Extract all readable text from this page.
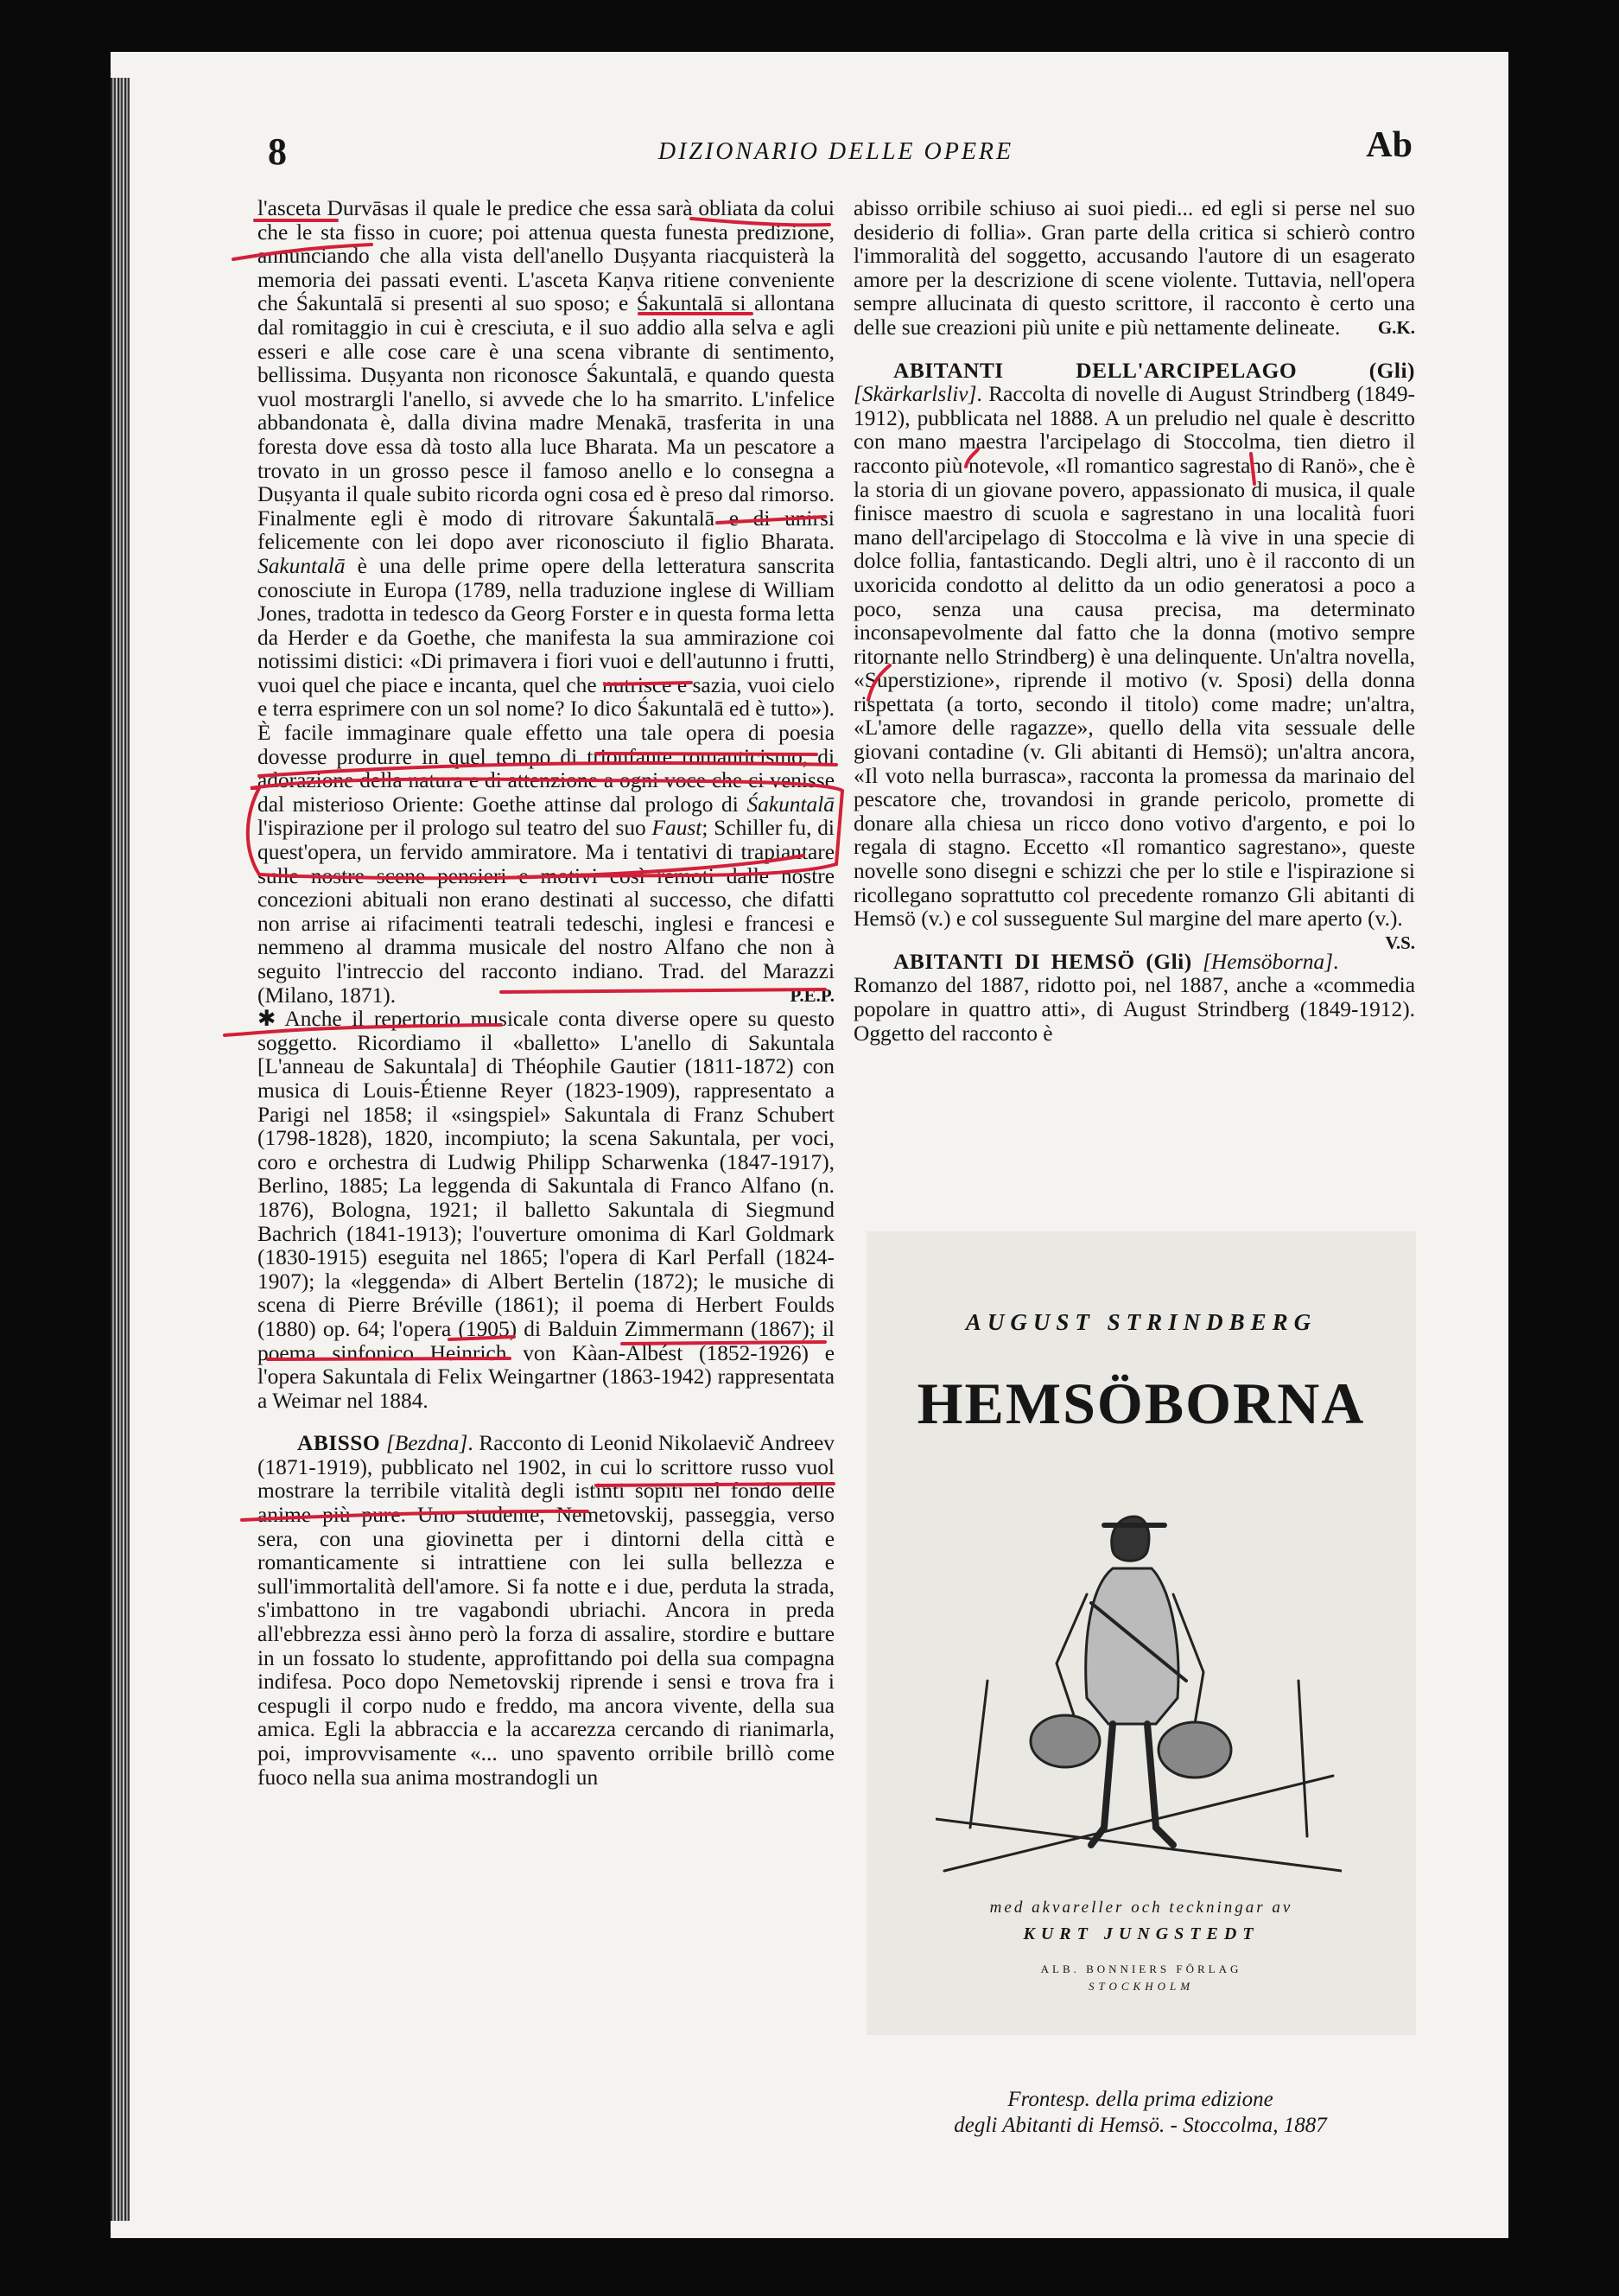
8	DIZIONARIO DELLE OPERE	Ab

l'asceta Durvāsas il quale le predice che essa sarà obliata da colui che le sta fisso in cuore; poi attenua questa funesta predizione, annunciando che alla vista dell'anello Duṣyanta riacquisterà la memoria dei passati eventi. L'asceta Kaṇva ritiene conveniente che Śakuntalā si presenti al suo sposo; e Śakuntalā si allontana dal romitaggio in cui è cresciuta, e il suo addio alla selva e agli esseri e alle cose care è una scena vibrante di sentimento, bellissima. Duṣyanta non riconosce Śakuntalā, e quando questa vuol mostrargli l'anello, si avvede che lo ha smarrito. L'infelice abbandonata è, dalla divina madre Menakā, trasferita in una foresta dove essa dà tosto alla luce Bharata. Ma un pescatore a trovato in un grosso pesce il famoso anello e lo consegna a Duṣyanta il quale subito ricorda ogni cosa ed è preso dal rimorso. Finalmente egli è modo di ritrovare Śakuntalā e di unirsi felicemente con lei dopo aver riconosciuto il figlio Bharata. Sakuntalā è una delle prime opere della letteratura sanscrita conosciute in Europa (1789, nella traduzione inglese di William Jones, tradotta in tedesco da Georg Forster e in questa forma letta da Herder e da Goethe, che manifesta la sua ammirazione coi notissimi distici: «Di primavera i fiori vuoi e dell'autunno i frutti, vuoi quel che piace e incanta, quel che nutrisce e sazia, vuoi cielo e terra esprimere con un sol nome? Io dico Śakuntalā ed è tutto»). È facile immaginare quale effetto una tale opera di poesia dovesse produrre in quel tempo di trionfante romanticismo, di adorazione della natura e di attenzione a ogni voce che ci venisse dal misterioso Oriente: Goethe attinse dal prologo di Śakuntalā l'ispirazione per il prologo sul teatro del suo Faust; Schiller fu, di quest'opera, un fervido ammiratore. Ma i tentativi di trapiantare sulle nostre scene pensieri e motivi così remoti dalle nostre concezioni abituali non erano destinati al successo, che difatti non arrise ai rifacimenti teatrali tedeschi, inglesi e francesi e nemmeno al dramma musicale del nostro Alfano che non à seguito l'intreccio del racconto indiano. Trad. del Marazzi (Milano, 1871).	P.E.P.

✱ Anche il repertorio musicale conta diverse opere su questo soggetto. Ricordiamo il «balletto» L'anello di Sakuntala [L'anneau de Sakuntala] di Théophile Gautier (1811-1872) con musica di Louis-Étienne Reyer (1823-1909), rappresentato a Parigi nel 1858; il «singspiel» Sakuntala di Franz Schubert (1798-1828), 1820, incompiuto; la scena Sakuntala, per voci, coro e orchestra di Ludwig Philipp Scharwenka (1847-1917), Berlino, 1885; La leggenda di Sakuntala di Franco Alfano (n. 1876), Bologna, 1921; il balletto Sakuntala di Siegmund Bachrich (1841-1913); l'ouverture omonima di Karl Goldmark (1830-1915) eseguita nel 1865; l'opera di Karl Perfall (1824-1907); la «leggenda» di Albert Bertelin (1872); le musiche di scena di Pierre Bréville (1861); il poema di Herbert Foulds (1880) op. 64; l'opera (1905) di Balduin Zimmermann (1867); il poema sinfonico Heinrich von Kàan-Albést (1852-1926) e l'opera Sakuntala di Felix Weingartner (1863-1942) rappresentata a Weimar nel 1884.

ABISSO [Bezdna]. Racconto di Leonid Nikolaevič Andreev (1871-1919), pubblicato nel 1902, in cui lo scrittore russo vuol mostrare la terribile vitalità degli istinti sopiti nel fondo delle anime più pure. Uno studente, Nemetovskij, passeggia, verso sera, con una giovinetta per i dintorni della città e romanticamente si intrattiene con lei sulla bellezza e sull'immortalità dell'amore. Si fa notte e i due, perduta la strada, s'imbattono in tre vagabondi ubriachi. Ancora in preda all'ebbrezza essi àнno però la forza di assalire, stordire e buttare in un fossato lo studente, approfittando poi della sua compagna indifesa. Poco dopo Nemetovskij riprende i sensi e trova fra i cespugli il corpo nudo e freddo, ma ancora vivente, della sua amica. Egli la abbraccia e la accarezza cercando di rianimarla, poi, improvvisamente «... uno spavento orribile brillò come fuoco nella sua anima mostrandogli un

abisso orribile schiuso ai suoi piedi... ed egli si perse nel suo desiderio di follia». Gran parte della critica si schierò contro l'immoralità del soggetto, accusando l'autore di un esagerato amore per la descrizione di scene violente. Tuttavia, nell'opera sempre allucinata di questo scrittore, il racconto è certo una delle sue creazioni più unite e più nettamente delineate. G.K.

ABITANTI DELL'ARCIPELAGO (Gli) [Skärkarlsliv]. Raccolta di novelle di August Strindberg (1849-1912), pubblicata nel 1888. A un preludio nel quale è descritto con mano maestra l'arcipelago di Stoccolma, tien dietro il racconto più notevole, «Il romantico sagrestano di Ranö», che è la storia di un giovane povero, appassionato di musica, il quale finisce maestro di scuola e sagrestano in una località fuori mano dell'arcipelago di Stoccolma e là vive in una specie di dolce follia, fantasticando. Degli altri, uno è il racconto di un uxoricida condotto al delitto da un odio generatosi a poco a poco, senza una causa precisa, ma determinato inconsapevolmente dal fatto che la donna (motivo sempre ritornante nello Strindberg) è una delinquente. Un'altra novella, «Superstizione», riprende il motivo (v. Sposi) della donna rispettata (a torto, secondo il titolo) come madre; un'altra, «L'amore delle ragazze», quello della vita sessuale delle giovani contadine (v. Gli abitanti di Hemsö); un'altra ancora, «Il voto nella burrasca», racconta la promessa da marinaio del pescatore che, trovandosi in grande pericolo, promette di donare alla chiesa un ricco dono votivo d'argento, e poi lo regala di stagno. Eccetto «Il romantico sagrestano», queste novelle sono disegni e schizzi che per lo stile e l'ispirazione si ricollegano soprattutto col precedente romanzo Gli abitanti di Hemsö (v.) e col susseguente Sul margine del mare aperto (v.).
V.S.

ABITANTI DI HEMSÖ (Gli) [Hemsöborna]. Romanzo del 1887, ridotto poi, nel 1887, anche a «commedia popolare in quattro atti», di August Strindberg (1849-1912). Oggetto del racconto è

AUGUST STRINDBERG
HEMSÖBORNA
med akvareller och teckningar av
KURT JUNGSTEDT
ALB. BONNIERS FÖRLAG
STOCKHOLM
Frontesp. della prima edizione
degli Abitanti di Hemsö. - Stoccolma, 1887
